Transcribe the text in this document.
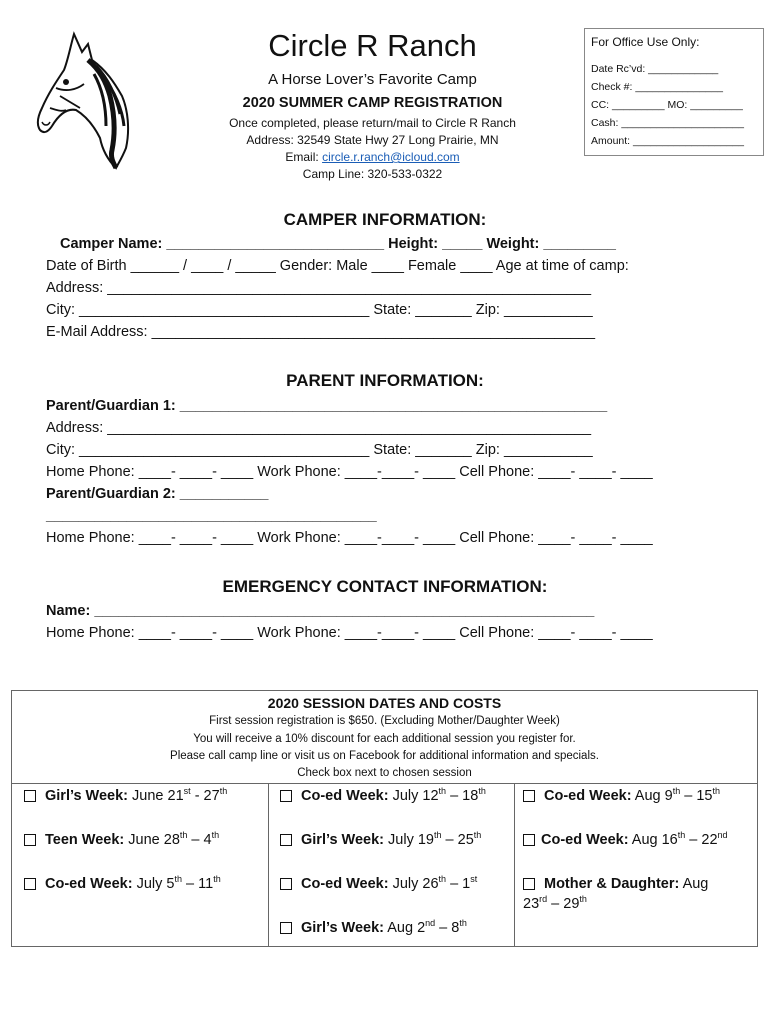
Circle R Ranch
A Horse Lover’s Favorite Camp
2020 SUMMER CAMP REGISTRATION
Once completed, please return/mail to Circle R Ranch
Address: 32549 State Hwy 27 Long Prairie, MN
Email: circle.r.ranch@icloud.com
Camp Line: 320-533-0322
For Office Use Only:
Date Rc’vd: ____________
Check #: _______________
CC: _________ MO: _________
Cash: _____________________
Amount: ___________________
CAMPER INFORMATION:
Camper Name: ___________________________ Height: _____ Weight: _________
Date of Birth ______ / ____ / _____ Gender: Male ____ Female ____ Age at time of camp:
Address: ____________________________________________________________
City: ____________________________________ State: _______ Zip: ___________
E-Mail Address: _______________________________________________________
PARENT INFORMATION:
Parent/Guardian 1: _____________________________________________________
Address: ____________________________________________________________
City: ____________________________________ State: _______ Zip: ___________
Home Phone: ____- ____- ____ Work Phone: ____-____- ____ Cell Phone: ____- ____- ____
Parent/Guardian 2: ___________
_________________________________________
Home Phone: ____- ____- ____ Work Phone: ____-____- ____ Cell Phone: ____- ____- ____
EMERGENCY CONTACT INFORMATION:
Name: ______________________________________________________________
Home Phone: ____- ____- ____ Work Phone: ____-____- ____ Cell Phone: ____- ____- ____
2020 SESSION DATES AND COSTS
First session registration is $650. (Excluding Mother/Daughter Week)
You will receive a 10% discount for each additional session you register for.
Please call camp line or visit us on Facebook for additional information and specials.
Check box next to chosen session
Girl’s Week: June 21st - 27th
Teen Week: June 28th – 4th
Co-ed Week: July 5th – 11th
Co-ed Week: July 12th – 18th
Girl’s Week: July 19th – 25th
Co-ed Week: July 26th – 1st
Girl’s Week: Aug 2nd – 8th
Co-ed Week: Aug 9th – 15th
Co-ed Week: Aug 16th – 22nd
Mother & Daughter: Aug 23rd – 29th
